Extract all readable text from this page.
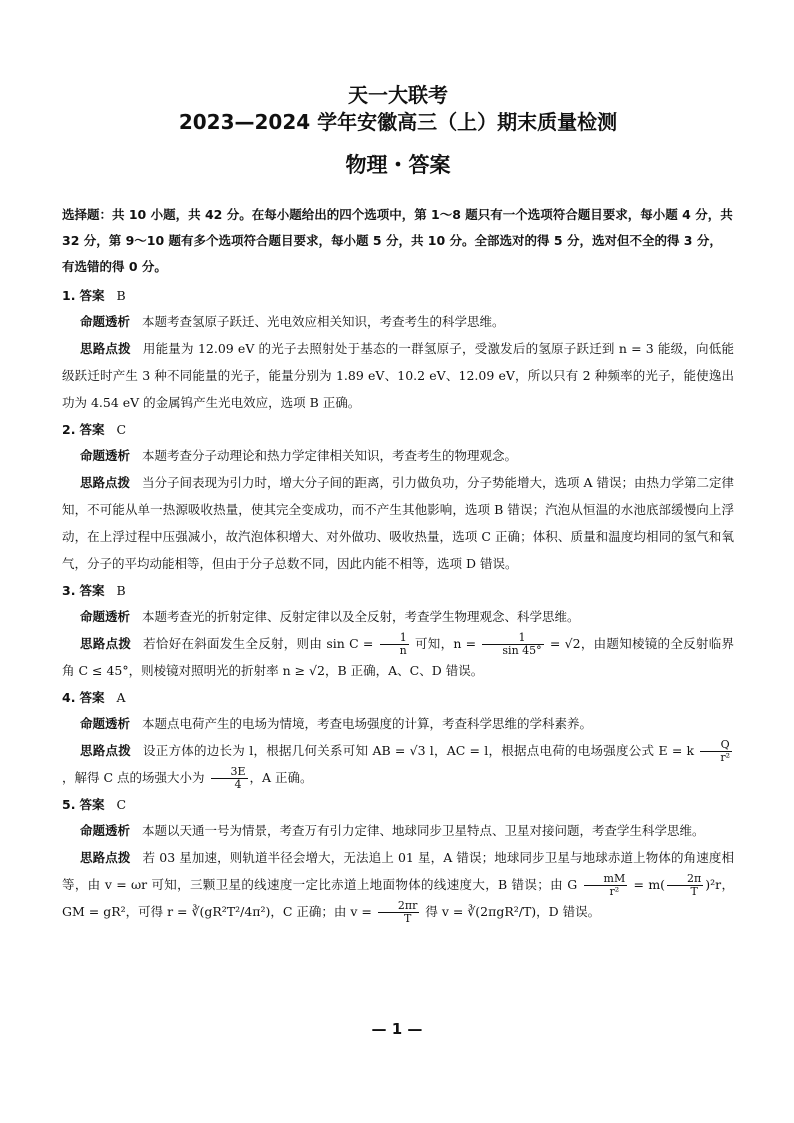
天一大联考

2023—2024 学年安徽高三（上）期末质量检测

物理・答案

选择题：共 10 小题，共 42 分。在每小题给出的四个选项中，第 1～8 题只有一个选项符合题目要求，每小题 4 分，共 32 分，第 9～10 题有多个选项符合题目要求，每小题 5 分，共 10 分。全部选对的得 5 分，选对但不全的得 3 分，有选错的得 0 分。

1. 答案 B

命题透析 本题考查氢原子跃迁、光电效应相关知识，考查考生的科学思维。

思路点拨 用能量为 12.09 eV 的光子去照射处于基态的一群氢原子，受激发后的氢原子跃迁到 n = 3 能级，向低能级跃迁时产生 3 种不同能量的光子，能量分别为 1.89 eV、10.2 eV、12.09 eV，所以只有 2 种频率的光子，能使逸出功为 4.54 eV 的金属钨产生光电效应，选项 B 正确。

2. 答案 C

命题透析 本题考查分子动理论和热力学定律相关知识，考查考生的物理观念。

思路点拨 当分子间表现为引力时，增大分子间的距离，引力做负功，分子势能增大，选项 A 错误；由热力学第二定律知，不可能从单一热源吸收热量，使其完全变成功，而不产生其他影响，选项 B 错误；汽泡从恒温的水池底部缓慢向上浮动，在上浮过程中压强减小，故汽泡体积增大、对外做功、吸收热量，选项 C 正确；体积、质量和温度均相同的氢气和氧气，分子的平均动能相等，但由于分子总数不同，因此内能不相等，选项 D 错误。

3. 答案 B

命题透析 本题考查光的折射定律、反射定律以及全反射，考查学生物理观念、科学思维。

思路点拨 若恰好在斜面发生全反射，则由 $\sin C = \frac{1}{n}$ 可知，$n = \frac{1}{\sin 45^\circ} = √2$，由题知棱镜的全反射临界角 C ≤ 45°，则棱镜对照明光的折射率 n ≥ √2，B 正确，A、C、D 错误。

4. 答案 A

命题透析 本题点电荷产生的电场为情境，考查电场强度的计算，考查科学思维的学科素养。

思路点拨 设正方体的边长为 l，根据几何关系可知 AB = √3 l，AC = l，根据点电荷的电场强度公式 E = k $\frac{Q}{\text{r²}}$
，解得 C 点的场强大小为 $\frac{3E}{4}$ ，A 正确。

5. 答案 C

命题透析 本题以天通一号为情景，考查万有引力定律、地球同步卫星特点、卫星对接问题，考查学生科学思维。

思路点拨 若 03 星加速，则轨道半径会增大，无法追上 01 星，A 错误；地球同步卫星与地球赤道上物体的角速度相等，由 v = ωr 可知，三颗卫星的线速度一定比赤道上地面物体的线速度大，B 错误；由 G $\frac{mM}{\text{r²}} = m( \frac{2\pi}{T} )^2r$，GM = gR²，可得 r = ∛(gR²T²/4π²)，C 正确；由 $v = \frac{2\pi r}{T}$ 得 v = ∛(2πgR²/T)，D 错误。

— 1 —
